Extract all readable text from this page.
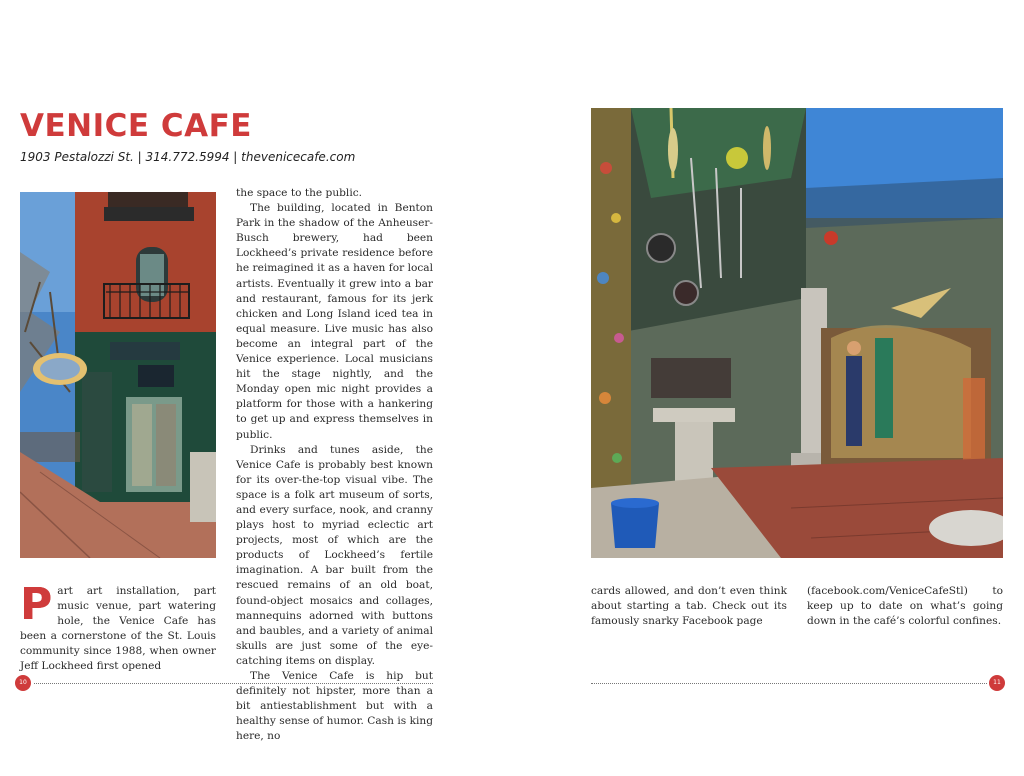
VENICE CAFE
1903 Pestalozzi St. | 314.772.5994 | thevenicecafe.com

Part art installation, part music venue, part watering hole, the Venice Cafe has been a cornerstone of the St. Louis community since 1988, when owner Jeff Lockheed first opened

the space to the public.

The building, located in Benton Park in the shadow of the Anheuser-Busch brewery, had been Lockheed’s private residence before he reimagined it as a haven for local artists. Eventually it grew into a bar and restaurant, famous for its jerk chicken and Long Island iced tea in equal measure. Live music has also become an integral part of the Venice experience. Local musicians hit the stage nightly, and the Monday open mic night provides a platform for those with a hankering to get up and express themselves in public.

Drinks and tunes aside, the Venice Cafe is probably best known for its over-the-top visual vibe. The space is a folk art museum of sorts, and every surface, nook, and cranny plays host to myriad eclectic art projects, most of which are the products of Lockheed’s fertile imagination. A bar built from the rescued remains of an old boat, found-object mosaics and collages, mannequins adorned with buttons and baubles, and a variety of animal skulls are just some of the eye-catching items on display.

The Venice Cafe is hip but definitely not hipster, more than a bit antiestablishment but with a healthy sense of humor. Cash is king here, no

cards allowed, and don’t even think about starting a tab. Check out its famously snarky Facebook page

(facebook.com/VeniceCafeStl) to keep up to date on what’s going down in the café’s colorful confines.

10	11
